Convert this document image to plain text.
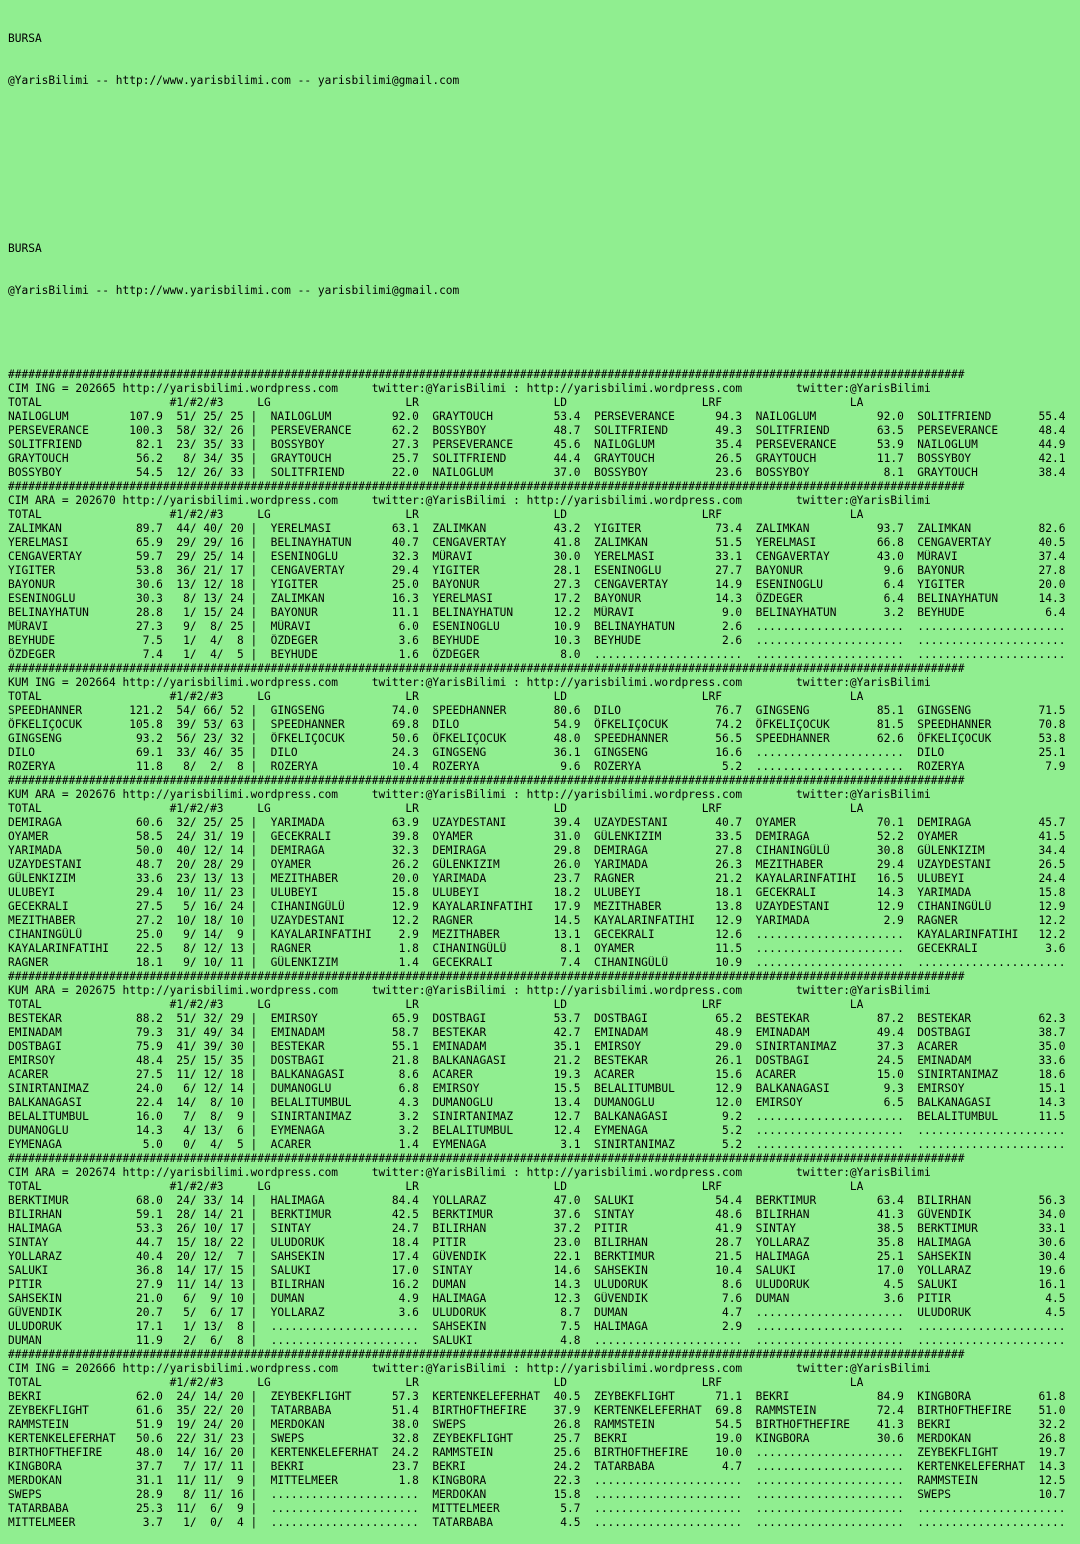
BURSA

@YarisBilimi -- http://www.yarisbilimi.com -- yarisbilimi@gmail.com

BURSA

@YarisBilimi -- http://www.yarisbilimi.com -- yarisbilimi@gmail.com

##############################################################################################################################################
CIM ING = 202665 http://yarisbilimi.wordpress.com     twitter:@YarisBilimi : http://yarisbilimi.wordpress.com        twitter:@YarisBilimi
TOTAL                   #1/#2/#3     LG                    LR                    LD                    LRF                   LA
NAILOGLUM         107.9  51/ 25/ 25 |  NAILOGLUM         92.0  GRAYTOUCH         53.4  PERSEVERANCE      94.3  NAILOGLUM         92.0  SOLITFRIEND       55.4
PERSEVERANCE      100.3  58/ 32/ 26 |  PERSEVERANCE      62.2  BOSSYBOY          48.7  SOLITFRIEND       49.3  SOLITFRIEND       63.5  PERSEVERANCE      48.4
SOLITFRIEND        82.1  23/ 35/ 33 |  BOSSYBOY          27.3  PERSEVERANCE      45.6  NAILOGLUM         35.4  PERSEVERANCE      53.9  NAILOGLUM         44.9
GRAYTOUCH          56.2   8/ 34/ 35 |  GRAYTOUCH         25.7  SOLITFRIEND       44.4  GRAYTOUCH         26.5  GRAYTOUCH         11.7  BOSSYBOY          42.1
BOSSYBOY           54.5  12/ 26/ 33 |  SOLITFRIEND       22.0  NAILOGLUM         37.0  BOSSYBOY          23.6  BOSSYBOY           8.1  GRAYTOUCH         38.4
##############################################################################################################################################
CIM ARA = 202670 http://yarisbilimi.wordpress.com     twitter:@YarisBilimi : http://yarisbilimi.wordpress.com        twitter:@YarisBilimi
TOTAL                   #1/#2/#3     LG                    LR                    LD                    LRF                   LA
ZALIMKAN           89.7  44/ 40/ 20 |  YERELMASI         63.1  ZALIMKAN          43.2  YIGITER           73.4  ZALIMKAN          93.7  ZALIMKAN          82.6
YERELMASI          65.9  29/ 29/ 16 |  BELINAYHATUN      40.7  CENGAVERTAY       41.8  ZALIMKAN          51.5  YERELMASI         66.8  CENGAVERTAY       40.5
CENGAVERTAY        59.7  29/ 25/ 14 |  ESENINOGLU        32.3  MÜRAVI            30.0  YERELMASI         33.1  CENGAVERTAY       43.0  MÜRAVI            37.4
YIGITER            53.8  36/ 21/ 17 |  CENGAVERTAY       29.4  YIGITER           28.1  ESENINOGLU        27.7  BAYONUR            9.6  BAYONUR           27.8
BAYONUR            30.6  13/ 12/ 18 |  YIGITER           25.0  BAYONUR           27.3  CENGAVERTAY       14.9  ESENINOGLU         6.4  YIGITER           20.0
ESENINOGLU         30.3   8/ 13/ 24 |  ZALIMKAN          16.3  YERELMASI         17.2  BAYONUR           14.3  ÖZDEGER            6.4  BELINAYHATUN      14.3
BELINAYHATUN       28.8   1/ 15/ 24 |  BAYONUR           11.1  BELINAYHATUN      12.2  MÜRAVI             9.0  BELINAYHATUN       3.2  BEYHUDE            6.4
MÜRAVI             27.3   9/  8/ 25 |  MÜRAVI             6.0  ESENINOGLU        10.9  BELINAYHATUN       2.6  ......................  ......................
BEYHUDE             7.5   1/  4/  8 |  ÖZDEGER            3.6  BEYHUDE           10.3  BEYHUDE            2.6  ......................  ......................
ÖZDEGER             7.4   1/  4/  5 |  BEYHUDE            1.6  ÖZDEGER            8.0  ......................  ......................  ......................
##############################################################################################################################################
KUM ING = 202664 http://yarisbilimi.wordpress.com     twitter:@YarisBilimi : http://yarisbilimi.wordpress.com        twitter:@YarisBilimi
TOTAL                   #1/#2/#3     LG                    LR                    LD                    LRF                   LA
SPEEDHANNER       121.2  54/ 66/ 52 |  GINGSENG          74.0  SPEEDHANNER       80.6  DILO              76.7  GINGSENG          85.1  GINGSENG          71.5
ÖFKELIÇOCUK       105.8  39/ 53/ 63 |  SPEEDHANNER       69.8  DILO              54.9  ÖFKELIÇOCUK       74.2  ÖFKELIÇOCUK       81.5  SPEEDHANNER       70.8
GINGSENG           93.2  56/ 23/ 32 |  ÖFKELIÇOCUK       50.6  ÖFKELIÇOCUK       48.0  SPEEDHANNER       56.5  SPEEDHANNER       62.6  ÖFKELIÇOCUK       53.8
DILO               69.1  33/ 46/ 35 |  DILO              24.3  GINGSENG          36.1  GINGSENG          16.6  ......................  DILO              25.1
ROZERYA            11.8   8/  2/  8 |  ROZERYA           10.4  ROZERYA            9.6  ROZERYA            5.2  ......................  ROZERYA            7.9
##############################################################################################################################################
KUM ARA = 202676 http://yarisbilimi.wordpress.com     twitter:@YarisBilimi : http://yarisbilimi.wordpress.com        twitter:@YarisBilimi
TOTAL                   #1/#2/#3     LG                    LR                    LD                    LRF                   LA
DEMIRAGA           60.6  32/ 25/ 25 |  YARIMADA          63.9  UZAYDESTANI       39.4  UZAYDESTANI       40.7  OYAMER            70.1  DEMIRAGA          45.7
OYAMER             58.5  24/ 31/ 19 |  GECEKRALI         39.8  OYAMER            31.0  GÜLENKIZIM        33.5  DEMIRAGA          52.2  OYAMER            41.5
YARIMADA           50.0  40/ 12/ 14 |  DEMIRAGA          32.3  DEMIRAGA          29.8  DEMIRAGA          27.8  CIHANINGÜLÜ       30.8  GÜLENKIZIM        34.4
UZAYDESTANI        48.7  20/ 28/ 29 |  OYAMER            26.2  GÜLENKIZIM        26.0  YARIMADA          26.3  MEZITHABER        29.4  UZAYDESTANI       26.5
GÜLENKIZIM         33.6  23/ 13/ 13 |  MEZITHABER        20.0  YARIMADA          23.7  RAGNER            21.2  KAYALARINFATIHI   16.5  ULUBEYI           24.4
ULUBEYI            29.4  10/ 11/ 23 |  ULUBEYI           15.8  ULUBEYI           18.2  ULUBEYI           18.1  GECEKRALI         14.3  YARIMADA          15.8
GECEKRALI          27.5   5/ 16/ 24 |  CIHANINGÜLÜ       12.9  KAYALARINFATIHI   17.9  MEZITHABER        13.8  UZAYDESTANI       12.9  CIHANINGÜLÜ       12.9
MEZITHABER         27.2  10/ 18/ 10 |  UZAYDESTANI       12.2  RAGNER            14.5  KAYALARINFATIHI   12.9  YARIMADA           2.9  RAGNER            12.2
CIHANINGÜLÜ        25.0   9/ 14/  9 |  KAYALARINFATIHI    2.9  MEZITHABER        13.1  GECEKRALI         12.6  ......................  KAYALARINFATIHI   12.2
KAYALARINFATIHI    22.5   8/ 12/ 13 |  RAGNER             1.8  CIHANINGÜLÜ        8.1  OYAMER            11.5  ......................  GECEKRALI          3.6
RAGNER             18.1   9/ 10/ 11 |  GÜLENKIZIM         1.4  GECEKRALI          7.4  CIHANINGÜLÜ       10.9  ......................  ......................
##############################################################################################################################################
KUM ARA = 202675 http://yarisbilimi.wordpress.com     twitter:@YarisBilimi : http://yarisbilimi.wordpress.com        twitter:@YarisBilimi
TOTAL                   #1/#2/#3     LG                    LR                    LD                    LRF                   LA
BESTEKAR           88.2  51/ 32/ 29 |  EMIRSOY           65.9  DOSTBAGI          53.7  DOSTBAGI          65.2  BESTEKAR          87.2  BESTEKAR          62.3
EMINADAM           79.3  31/ 49/ 34 |  EMINADAM          58.7  BESTEKAR          42.7  EMINADAM          48.9  EMINADAM          49.4  DOSTBAGI          38.7
DOSTBAGI           75.9  41/ 39/ 30 |  BESTEKAR          55.1  EMINADAM          35.1  EMIRSOY           29.0  SINIRTANIMAZ      37.3  ACARER            35.0
EMIRSOY            48.4  25/ 15/ 35 |  DOSTBAGI          21.8  BALKANAGASI       21.2  BESTEKAR          26.1  DOSTBAGI          24.5  EMINADAM          33.6
ACARER             27.5  11/ 12/ 18 |  BALKANAGASI        8.6  ACARER            19.3  ACARER            15.6  ACARER            15.0  SINIRTANIMAZ      18.6
SINIRTANIMAZ       24.0   6/ 12/ 14 |  DUMANOGLU          6.8  EMIRSOY           15.5  BELALITUMBUL      12.9  BALKANAGASI        9.3  EMIRSOY           15.1
BALKANAGASI        22.4  14/  8/ 10 |  BELALITUMBUL       4.3  DUMANOGLU         13.4  DUMANOGLU         12.0  EMIRSOY            6.5  BALKANAGASI       14.3
BELALITUMBUL       16.0   7/  8/  9 |  SINIRTANIMAZ       3.2  SINIRTANIMAZ      12.7  BALKANAGASI        9.2  ......................  BELALITUMBUL      11.5
DUMANOGLU          14.3   4/ 13/  6 |  EYMENAGA           3.2  BELALITUMBUL      12.4  EYMENAGA           5.2  ......................  ......................
EYMENAGA            5.0   0/  4/  5 |  ACARER             1.4  EYMENAGA           3.1  SINIRTANIMAZ       5.2  ......................  ......................
##############################################################################################################################################
CIM ARA = 202674 http://yarisbilimi.wordpress.com     twitter:@YarisBilimi : http://yarisbilimi.wordpress.com        twitter:@YarisBilimi
TOTAL                   #1/#2/#3     LG                    LR                    LD                    LRF                   LA
BERKTIMUR          68.0  24/ 33/ 14 |  HALIMAGA          84.4  YOLLARAZ          47.0  SALUKI            54.4  BERKTIMUR         63.4  BILIRHAN          56.3
BILIRHAN           59.1  28/ 14/ 21 |  BERKTIMUR         42.5  BERKTIMUR         37.6  SINTAY            48.6  BILIRHAN          41.3  GÜVENDIK          34.0
HALIMAGA           53.3  26/ 10/ 17 |  SINTAY            24.7  BILIRHAN          37.2  PITIR             41.9  SINTAY            38.5  BERKTIMUR         33.1
SINTAY             44.7  15/ 18/ 22 |  ULUDORUK          18.4  PITIR             23.0  BILIRHAN          28.7  YOLLARAZ          35.8  HALIMAGA          30.6
YOLLARAZ           40.4  20/ 12/  7 |  SAHSEKIN          17.4  GÜVENDIK          22.1  BERKTIMUR         21.5  HALIMAGA          25.1  SAHSEKIN          30.4
SALUKI             36.8  14/ 17/ 15 |  SALUKI            17.0  SINTAY            14.6  SAHSEKIN          10.4  SALUKI            17.0  YOLLARAZ          19.6
PITIR              27.9  11/ 14/ 13 |  BILIRHAN          16.2  DUMAN             14.3  ULUDORUK           8.6  ULUDORUK           4.5  SALUKI            16.1
SAHSEKIN           21.0   6/  9/ 10 |  DUMAN              4.9  HALIMAGA          12.3  GÜVENDIK           7.6  DUMAN              3.6  PITIR              4.5
GÜVENDIK           20.7   5/  6/ 17 |  YOLLARAZ           3.6  ULUDORUK           8.7  DUMAN              4.7  ......................  ULUDORUK           4.5
ULUDORUK           17.1   1/ 13/  8 |  ......................  SAHSEKIN           7.5  HALIMAGA           2.9  ......................  ......................
DUMAN              11.9   2/  6/  8 |  ......................  SALUKI             4.8  ......................  ......................  ......................
##############################################################################################################################################
CIM ING = 202666 http://yarisbilimi.wordpress.com     twitter:@YarisBilimi : http://yarisbilimi.wordpress.com        twitter:@YarisBilimi
TOTAL                   #1/#2/#3     LG                    LR                    LD                    LRF                   LA
BEKRI              62.0  24/ 14/ 20 |  ZEYBEKFLIGHT      57.3  KERTENKELEFERHAT  40.5  ZEYBEKFLIGHT      71.1  BEKRI             84.9  KINGBORA          61.8
ZEYBEKFLIGHT       61.6  35/ 22/ 20 |  TATARBABA         51.4  BIRTHOFTHEFIRE    37.9  KERTENKELEFERHAT  69.8  RAMMSTEIN         72.4  BIRTHOFTHEFIRE    51.0
RAMMSTEIN          51.9  19/ 24/ 20 |  MERDOKAN          38.0  SWEPS             26.8  RAMMSTEIN         54.5  BIRTHOFTHEFIRE    41.3  BEKRI             32.2
KERTENKELEFERHAT   50.6  22/ 31/ 23 |  SWEPS             32.8  ZEYBEKFLIGHT      25.7  BEKRI             19.0  KINGBORA          30.6  MERDOKAN          26.8
BIRTHOFTHEFIRE     48.0  14/ 16/ 20 |  KERTENKELEFERHAT  24.2  RAMMSTEIN         25.6  BIRTHOFTHEFIRE    10.0  ......................  ZEYBEKFLIGHT      19.7
KINGBORA           37.7   7/ 17/ 11 |  BEKRI             23.7  BEKRI             24.2  TATARBABA          4.7  ......................  KERTENKELEFERHAT  14.3
MERDOKAN           31.1  11/ 11/  9 |  MITTELMEER         1.8  KINGBORA          22.3  ......................  ......................  RAMMSTEIN         12.5
SWEPS              28.9   8/ 11/ 16 |  ......................  MERDOKAN          15.8  ......................  ......................  SWEPS             10.7
TATARBABA          25.3  11/  6/  9 |  ......................  MITTELMEER         5.7  ......................  ......................  ......................
MITTELMEER          3.7   1/  0/  4 |  ......................  TATARBABA          4.5  ......................  ......................  ......................
